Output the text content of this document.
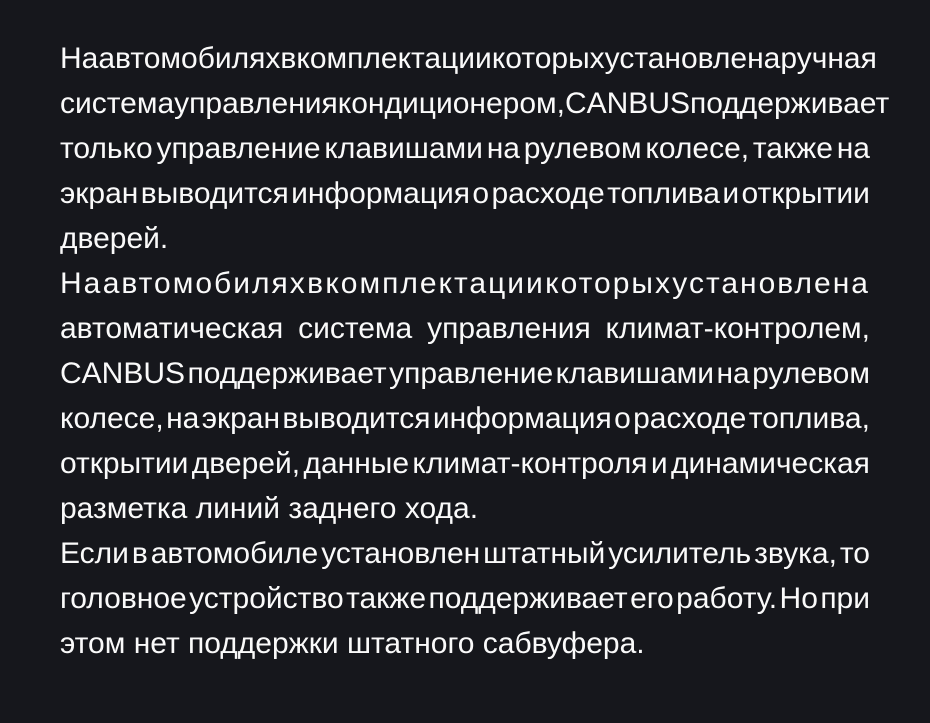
На автомобилях в комплектации которых установлена ручная
система управления кондиционером, CANBUS поддерживает
только управление клавишами на рулевом колесе, также на
экран выводится информация о расходе топлива и открытии
дверей.
На автомобилях в комплектации которых установлена
автоматическая система управления климат-контролем,
CANBUS поддерживает управление клавишами на рулевом
колесе, на экран выводится информация о расходе топлива,
открытии дверей, данные климат-контроля и динамическая
разметка линий заднего хода.
Если в автомобиле установлен штатный усилитель звука, то
головное устройство также поддерживает его работу. Но при
этом нет поддержки штатного сабвуфера.
